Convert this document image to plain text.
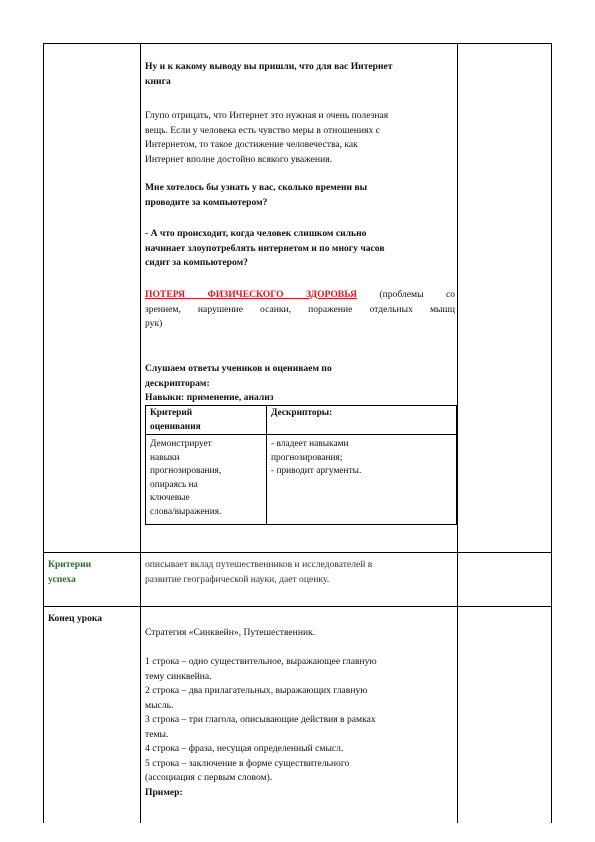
Ну и к какому выводу вы пришли, что для вас Интернет
книга
Глупо отрицать, что Интернет это нужная и очень полезная
вещь. Если у человека есть чувство меры в отношениях с
Интернетом, то такое достижение человечества, как
Интернет вполне достойно всякого уважения.
Мне хотелось бы узнать у вас, сколько времени вы
проводите за компьютером?
- А что происходит, когда человек слишком сильно
начинает злоупотреблять интернетом и по многу часов
сидит за компьютером?
ПОТЕРЯ ФИЗИЧЕСКОГО ЗДОРОВЬЯ (проблемы со
зрением, нарушение осанки, поражение отдельных мышц
рук)
Слушаем ответы учеников и оцениваем по
дескрипторам:
Навыки: применение, анализ
Критерий
оценивания
Дескрипторы:
Демонстрирует
навыки
прогнозирования,
опираясь на
ключевые
слова/выражения.
- владеет навыками
прогнозирования;
- приводит аргументы.
Критерии
успеха
описывает вклад путешественников и исследователей в
развитие географической науки, дает оценку.
Конец урока
Стратегия «Синквейн», Путешественник.
1 строка – одно существительное, выражающее главную
тему синквейна.
2 строка – два прилагательных, выражающих главную
мысль.
3 строка – три глагола, описывающие действия в рамках
темы.
4 строка – фраза, несущая определенный смысл.
5 строка – заключение в форме существительного
(ассоциация с первым словом).
Пример:
